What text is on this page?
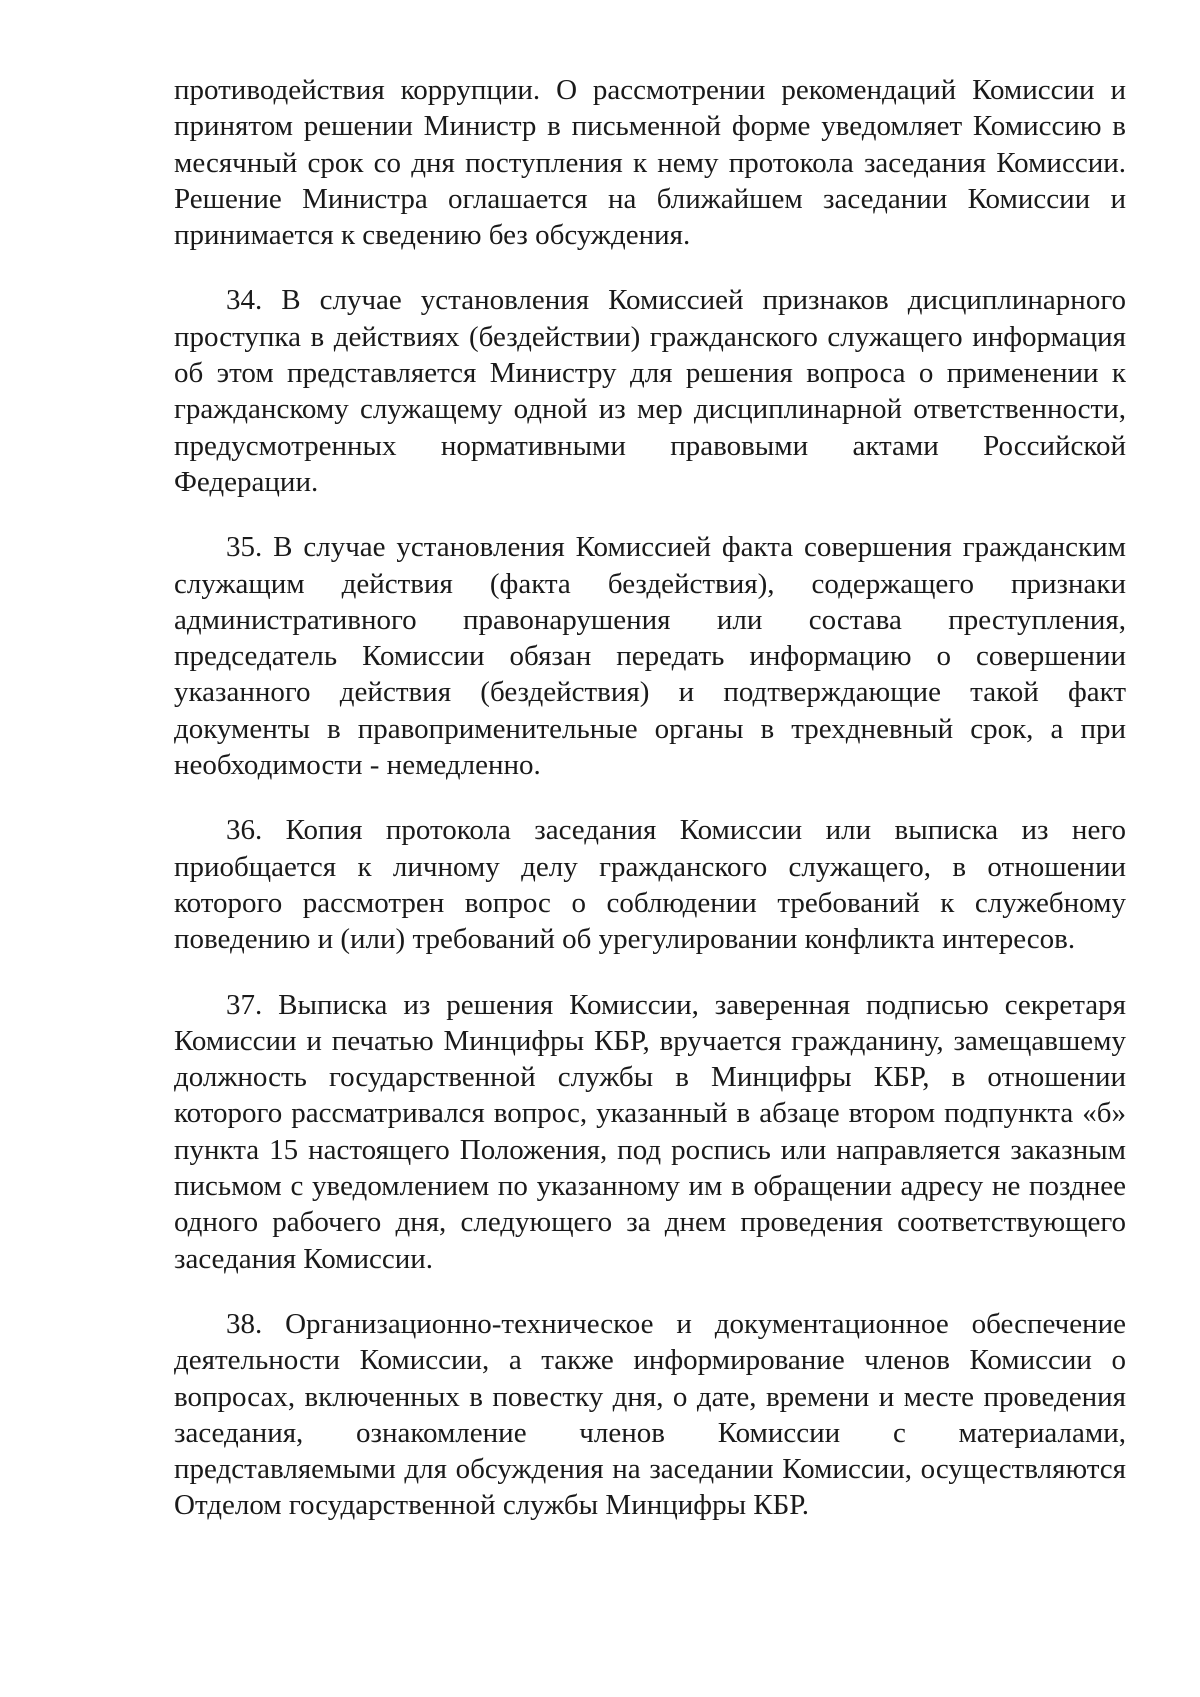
противодействия коррупции. О рассмотрении рекомендаций Комиссии и принятом решении Министр в письменной форме уведомляет Комиссию в месячный срок со дня поступления к нему протокола заседания Комиссии. Решение Министра оглашается на ближайшем заседании Комиссии и принимается к сведению без обсуждения.

34. В случае установления Комиссией признаков дисциплинарного проступка в действиях (бездействии) гражданского служащего информация об этом представляется Министру для решения вопроса о применении к гражданскому служащему одной из мер дисциплинарной ответственности, предусмотренных нормативными правовыми актами Российской Федерации.

35. В случае установления Комиссией факта совершения гражданским служащим действия (факта бездействия), содержащего признаки административного правонарушения или состава преступления, председатель Комиссии обязан передать информацию о совершении указанного действия (бездействия) и подтверждающие такой факт документы в правоприменительные органы в трехдневный срок, а при необходимости - немедленно.

36. Копия протокола заседания Комиссии или выписка из него приобщается к личному делу гражданского служащего, в отношении которого рассмотрен вопрос о соблюдении требований к служебному поведению и (или) требований об урегулировании конфликта интересов.

37. Выписка из решения Комиссии, заверенная подписью секретаря Комиссии и печатью Минцифры КБР, вручается гражданину, замещавшему должность государственной службы в Минцифры КБР, в отношении которого рассматривался вопрос, указанный в абзаце втором подпункта «б» пункта 15 настоящего Положения, под роспись или направляется заказным письмом с уведомлением по указанному им в обращении адресу не позднее одного рабочего дня, следующего за днем проведения соответствующего заседания Комиссии.

38. Организационно-техническое и документационное обеспечение деятельности Комиссии, а также информирование членов Комиссии о вопросах, включенных в повестку дня, о дате, времени и месте проведения заседания, ознакомление членов Комиссии с материалами, представляемыми для обсуждения на заседании Комиссии, осуществляются Отделом государственной службы Минцифры КБР.
